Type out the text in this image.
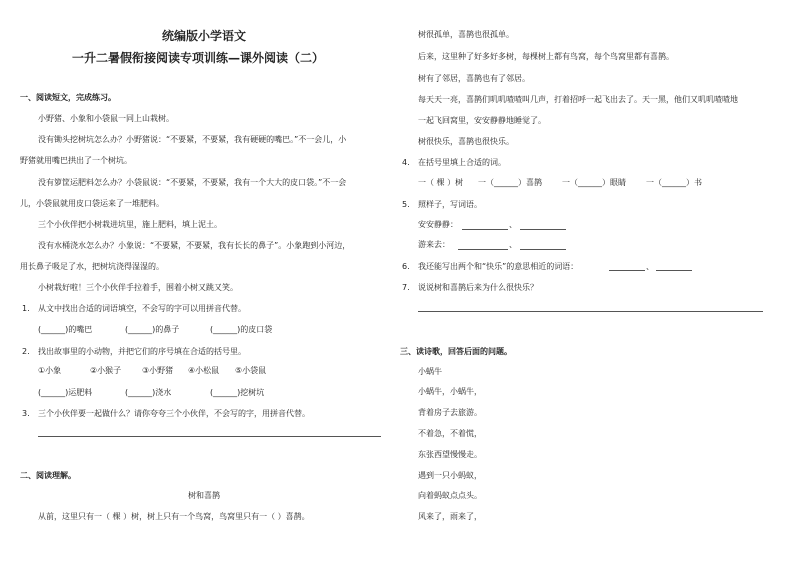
统编版小学语文
一升二暑假衔接阅读专项训练—课外阅读（二）
一、阅读短文，完成练习。
小野猪、小象和小袋鼠一同上山栽树。
没有锄头挖树坑怎么办？小野猪说：“不要紧，不要紧，我有硬硬的嘴巴。”不一会儿，小
野猪就用嘴巴拱出了一个树坑。
没有箩筐运肥料怎么办？小袋鼠说：“不要紧，不要紧，我有一个大大的皮口袋。”不一会
儿，小袋鼠就用皮口袋运来了一堆肥料。
三个小伙伴把小树栽进坑里，施上肥料，填上泥土。
没有水桶浇水怎么办？小象说：“不要紧，不要紧，我有长长的鼻子”。小象跑到小河边，
用长鼻子吸足了水，把树坑浇得湿湿的。
小树栽好啦！三个小伙伴手拉着手，围着小树又跳又笑。
1. 从文中找出合适的词语填空，不会写的字可以用拼音代替。
(______)的嘴巴	(______)的鼻子	(______)的皮口袋
2. 找出故事里的小动物，并把它们的序号填在合适的括号里。
①小象	②小猴子	③小野猪 ④小松鼠 ⑤小袋鼠
(______)运肥料	(______)浇水	(______)挖树坑
3. 三个小伙伴要一起做什么？请你夸夸三个小伙伴，不会写的字，用拼音代替。
二、阅读理解。
树和喜鹊
从前，这里只有一（ 棵 ）树，树上只有一个鸟窝，鸟窝里只有一（ ）喜鹊。
树很孤单，喜鹊也很孤单。
后来，这里种了好多好多树，每棵树上都有鸟窝，每个鸟窝里都有喜鹊。
树有了邻居，喜鹊也有了邻居。
每天天一亮，喜鹊们叽叽喳喳叫几声，打着招呼一起飞出去了。天一黑，他们又叽叽喳喳地
一起飞回窝里，安安静静地睡觉了。
树很快乐，喜鹊也很快乐。
4. 在括号里填上合适的词。
一（ 棵 ）树 一（______）喜鹊	一（______）眼睛	一（______）书
5. 照样子，写词语。
安安静静：	、
游来去：	、
6. 我还能写出两个和“快乐”的意思相近的词语：	、
7. 说说树和喜鹊后来为什么很快乐？
三、读诗歌，回答后面的问题。
小蜗牛
小蜗牛，小蜗牛，
背着房子去旅游。
不着急，不着慌，
东张西望慢慢走。
遇到一只小蚂蚁，
向着蚂蚁点点头。
风来了，雨来了，
